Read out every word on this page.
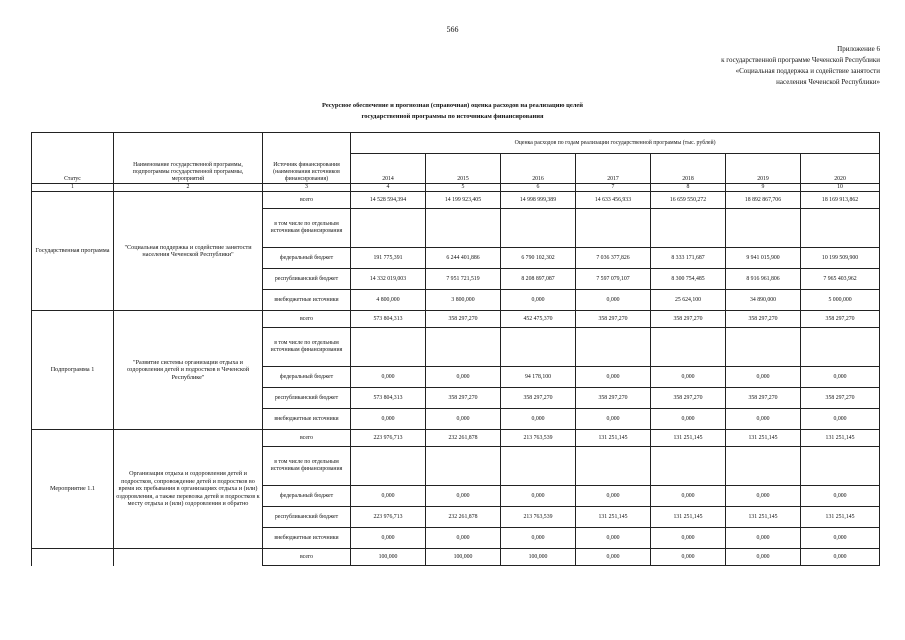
566
Приложение 6
к государственной программе Чеченской Республики
«Социальная поддержка и содействие занятости
населения Чеченской Республики»
Ресурсное обеспечение и прогнозная (справочная) оценка расходов на реализацию целей
государственной программы по источникам финансирования
Статус	Наименование государственной программы, подпрограммы государственной программы, мероприятий	Источник финансирования (наименования источников финансирования)	Оценка расходов по годам реализации государственной программы (тыс. рублей)						
			2014	2015	2016	2017	2018	2019	2020
1	2	3	4	5	6	7	8	9	10
Государственная программа	"Социальная поддержка и содействие занятости населения Чеченской Республики"	всего	14 528 594,394	14 199 923,405	14 998 999,389	14 633 456,933	16 659 550,272	18 892 867,706	18 169 913,862
		в том числе по отдельным источникам финансирования							
		федеральный бюджет	191 775,391	6 244 401,886	6 790 102,302	7 036 377,826	8 333 171,687	9 941 015,900	10 199 509,900
		республиканский бюджет	14 332 019,003	7 951 721,519	8 208 897,087	7 597 079,107	8 300 754,485	8 916 961,806	7 965 403,962
		внебюджетные источники	4 800,000	3 800,000	0,000	0,000	25 624,100	34 890,000	5 000,000
Подпрограмма 1	"Развитие системы организации отдыха и оздоровления детей и подростков в Чеченской Республике"	всего	573 804,313	358 297,270	452 475,370	358 297,270	358 297,270	358 297,270	358 297,270
		в том числе по отдельным источникам финансирования							
		федеральный бюджет	0,000	0,000	94 178,100	0,000	0,000	0,000	0,000
		республиканский бюджет	573 804,313	358 297,270	358 297,270	358 297,270	358 297,270	358 297,270	358 297,270
		внебюджетные источники	0,000	0,000	0,000	0,000	0,000	0,000	0,000
Мероприятие 1.1	Организация отдыха и оздоровления детей и подростков, сопровождение детей и подростков во время их пребывания в организациях отдыха и (или) оздоровления, а также перевозка детей и подростков к месту отдыха и (или) оздоровления и обратно	всего	223 976,713	232 261,878	213 763,539	131 251,145	131 251,145	131 251,145	131 251,145
		в том числе по отдельным источникам финансирования							
		федеральный бюджет	0,000	0,000	0,000	0,000	0,000	0,000	0,000
		республиканский бюджет	223 976,713	232 261,878	213 763,539	131 251,145	131 251,145	131 251,145	131 251,145
		внебюджетные источники	0,000	0,000	0,000	0,000	0,000	0,000	0,000
		всего	100,000	100,000	100,000	0,000	0,000	0,000	0,000
